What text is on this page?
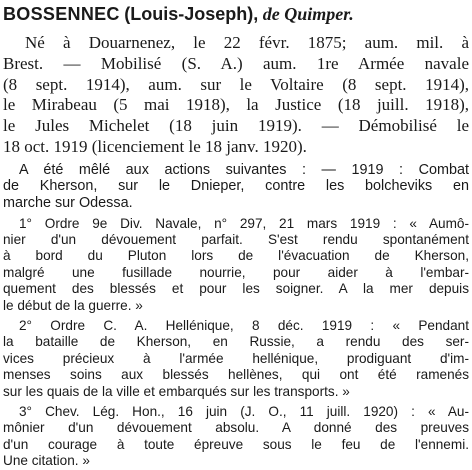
BOSSENNEC (Louis-Joseph), de Quimper.
Né à Douarnenez, le 22 févr. 1875; aum. mil. à
Brest. — Mobilisé (S. A.) aum. 1re Armée navale
(8 sept. 1914), aum. sur le Voltaire (8 sept. 1914),
le Mirabeau (5 mai 1918), la Justice (18 juill. 1918),
le Jules Michelet (18 juin 1919). — Démobilisé le
18 oct. 1919 (licenciement le 18 janv. 1920).
A été mêlé aux actions suivantes : — 1919 : Combat
de Kherson, sur le Dnieper, contre les bolcheviks en
marche sur Odessa.
1° Ordre 9e Div. Navale, n° 297, 21 mars 1919 : « Aumô-
nier d'un dévouement parfait. S'est rendu spontanément
à bord du Pluton lors de l'évacuation de Kherson,
malgré une fusillade nourrie, pour aider à l'embar-
quement des blessés et pour les soigner. A la mer depuis
le début de la guerre. »
2° Ordre C. A. Hellénique, 8 déc. 1919 : « Pendant
la bataille de Kherson, en Russie, a rendu des ser-
vices précieux à l'armée hellénique, prodiguant d'im-
menses soins aux blessés hellènes, qui ont été ramenés
sur les quais de la ville et embarqués sur les transports. »
3° Chev. Lég. Hon., 16 juin (J. O., 11 juill. 1920) : « Au-
mônier d'un dévouement absolu. A donné des preuves
d'un courage à toute épreuve sous le feu de l'ennemi.
Une citation. »
